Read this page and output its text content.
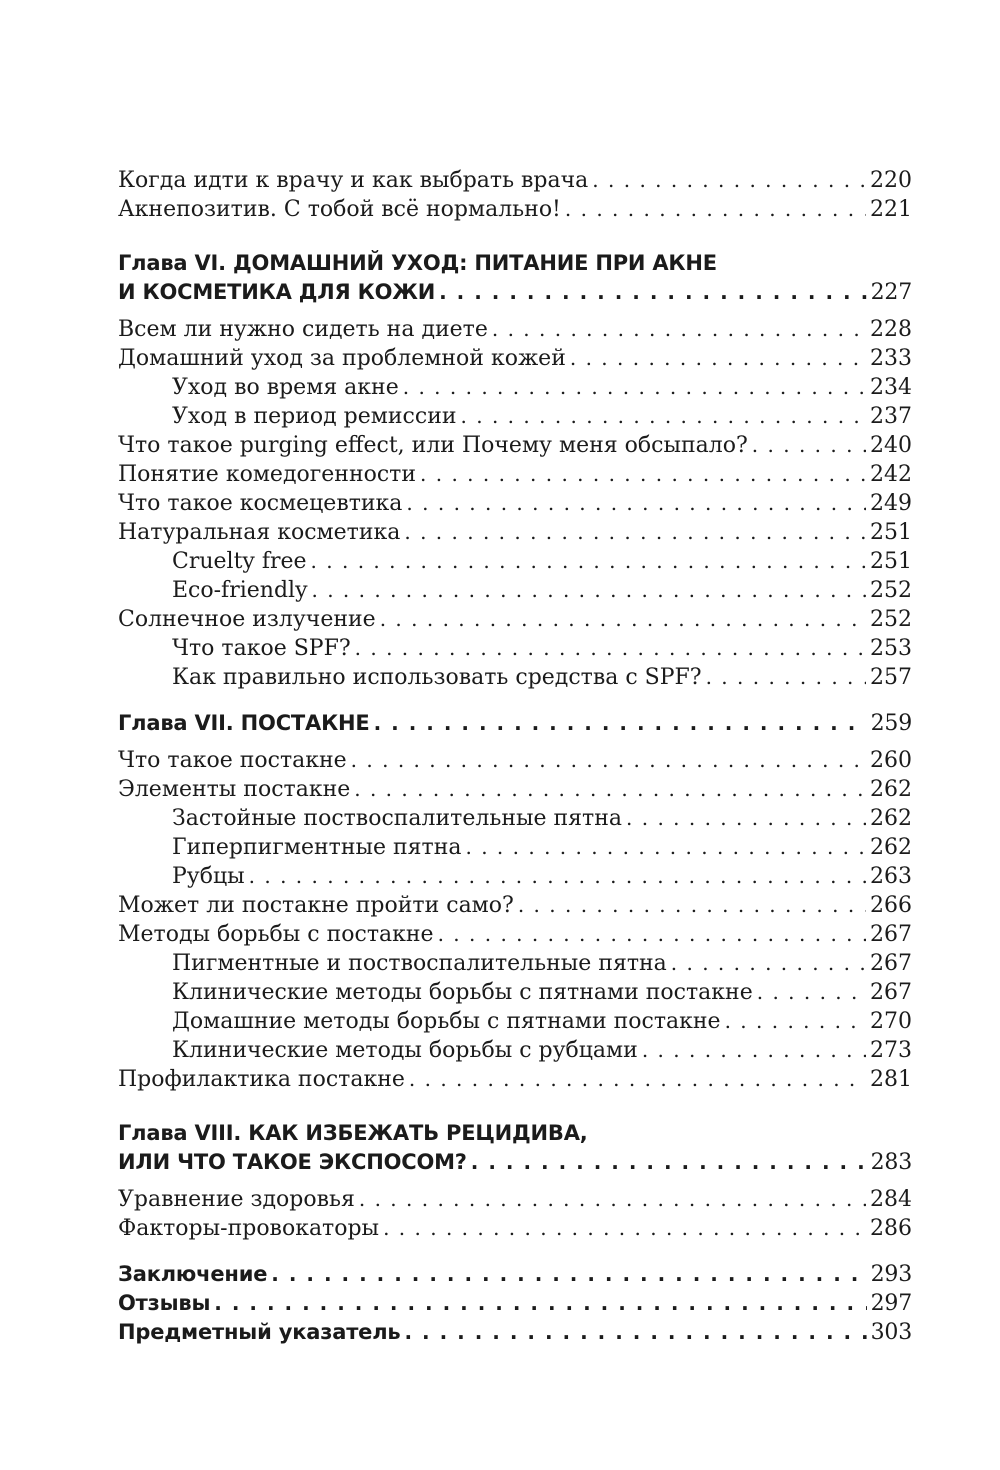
Когда идти к врачу и как выбрать врача . . .	220
Акнепозитив. С тобой всё нормально! . . .	221
Глава VI. ДОМАШНИЙ УХОД: ПИТАНИЕ ПРИ АКНЕ
И КОСМЕТИКА ДЛЯ КОЖИ . . .	227
Всем ли нужно сидеть на диете . . .	228
Домашний уход за проблемной кожей . . .	233
Уход во время акне . . .	234
Уход в период ремиссии . . .	237
Что такое purging effect, или Почему меня обсыпало? . . .	240
Понятие комедогенности . . .	242
Что такое космецевтика . . .	249
Натуральная косметика . . .	251
Cruelty free . . .	251
Eco-friendly . . .	252
Солнечное излучение . . .	252
Что такое SPF? . . .	253
Как правильно использовать средства с SPF? . . .	257
Глава VII. ПОСТАКНЕ . . .	259
Что такое постакне . . .	260
Элементы постакне . . .	262
Застойные поствоспалительные пятна . . .	262
Гиперпигментные пятна . . .	262
Рубцы . . .	263
Может ли постакне пройти само? . . .	266
Методы борьбы с постакне . . .	267
Пигментные и поствоспалительные пятна . . .	267
Клинические методы борьбы с пятнами постакне . . .	267
Домашние методы борьбы с пятнами постакне . . .	270
Клинические методы борьбы с рубцами . . .	273
Профилактика постакне . . .	281
Глава VIII. КАК ИЗБЕЖАТЬ РЕЦИДИВА,
ИЛИ ЧТО ТАКОЕ ЭКСПОСОМ? . . .	283
Уравнение здоровья . . .	284
Факторы-провокаторы . . .	286
Заключение . . .	293
Отзывы . . .	297
Предметный указатель . . .	303
